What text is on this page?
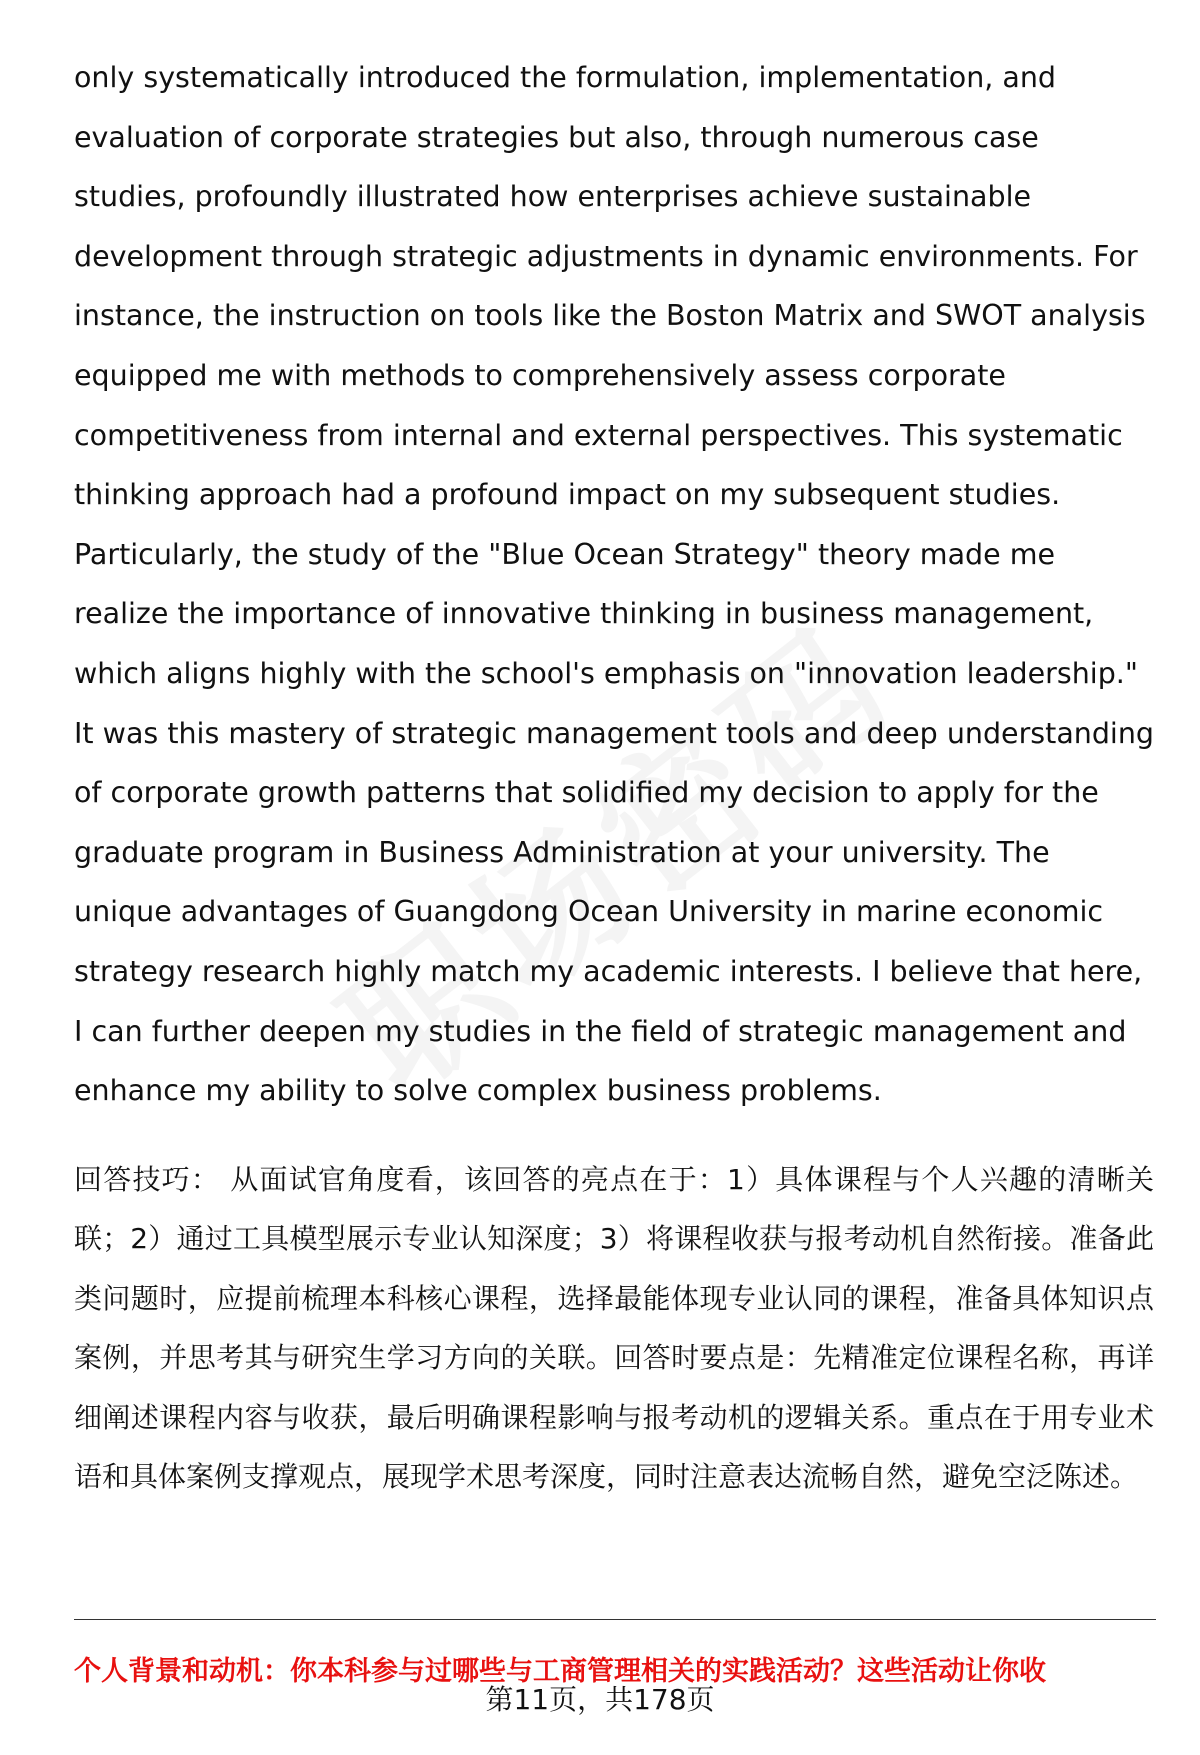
only systematically introduced the formulation, implementation, and evaluation of corporate strategies but also, through numerous case studies, profoundly illustrated how enterprises achieve sustainable development through strategic adjustments in dynamic environments. For instance, the instruction on tools like the Boston Matrix and SWOT analysis equipped me with methods to comprehensively assess corporate competitiveness from internal and external perspectives. This systematic thinking approach had a profound impact on my subsequent studies. Particularly, the study of the "Blue Ocean Strategy" theory made me realize the importance of innovative thinking in business management, which aligns highly with the school's emphasis on "innovation leadership." It was this mastery of strategic management tools and deep understanding of corporate growth patterns that solidified my decision to apply for the graduate program in Business Administration at your university. The unique advantages of Guangdong Ocean University in marine economic strategy research highly match my academic interests. I believe that here, I can further deepen my studies in the field of strategic management and enhance my ability to solve complex business problems.

回答技巧： 从面试官角度看，该回答的亮点在于：1）具体课程与个人兴趣的清晰关联；2）通过工具模型展示专业认知深度；3）将课程收获与报考动机自然衔接。准备此类问题时，应提前梳理本科核心课程，选择最能体现专业认同的课程，准备具体知识点案例，并思考其与研究生学习方向的关联。回答时要点是：先精准定位课程名称，再详细阐述课程内容与收获，最后明确课程影响与报考动机的逻辑关系。重点在于用专业术语和具体案例支撑观点，展现学术思考深度，同时注意表达流畅自然，避免空泛陈述。

个人背景和动机：你本科参与过哪些与工商管理相关的实践活动？这些活动让你收
第11页，共178页
